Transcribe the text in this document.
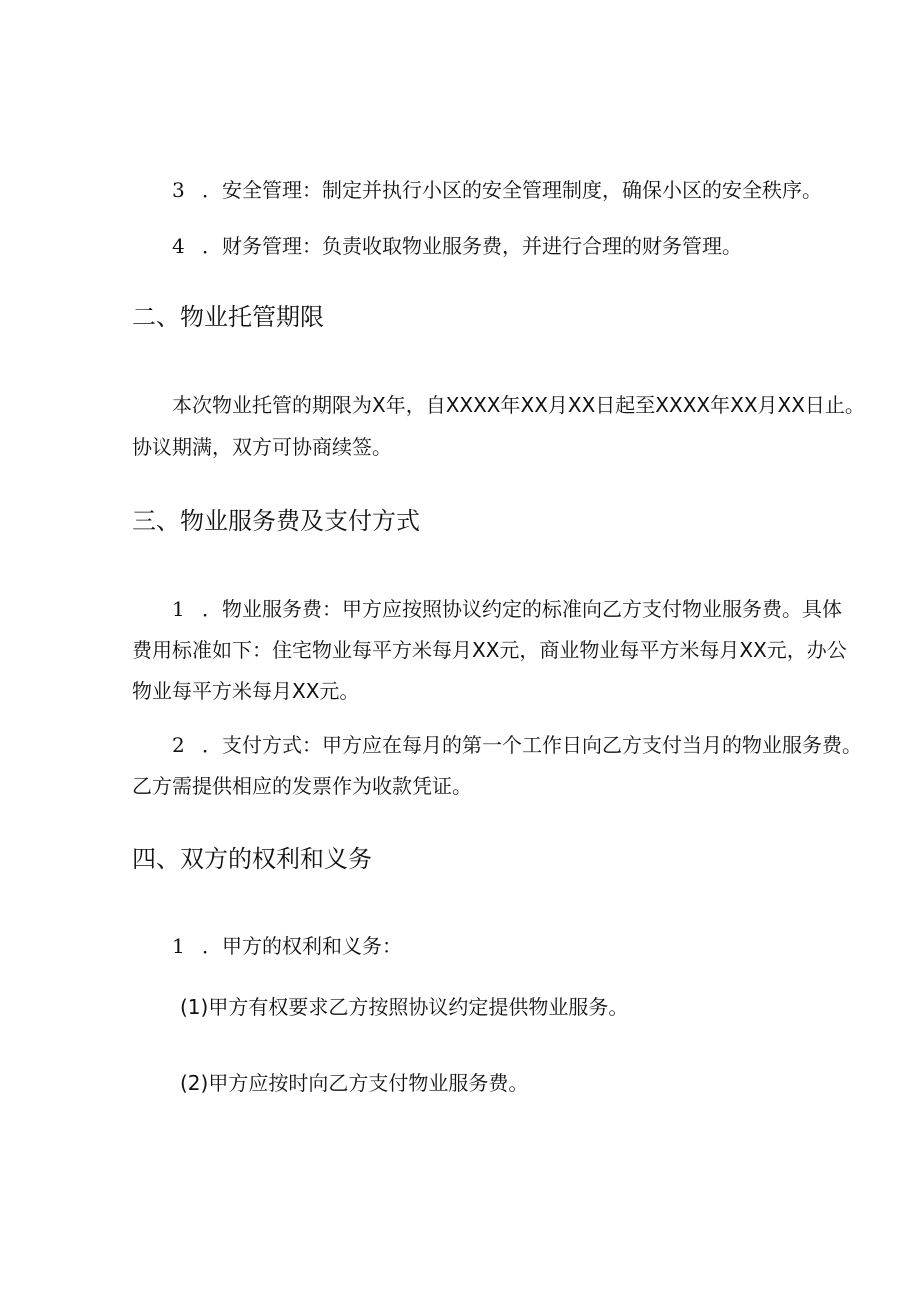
3 ．安全管理：制定并执行小区的安全管理制度，确保小区的安全秩序。
4 ．财务管理：负责收取物业服务费，并进行合理的财务管理。
二、物业托管期限
本次物业托管的期限为X年，自XXXX年XX月XX日起至XXXX年XX月XX日止。
协议期满，双方可协商续签。
三、物业服务费及支付方式
1 ．物业服务费：甲方应按照协议约定的标准向乙方支付物业服务费。具体
费用标准如下：住宅物业每平方米每月XX元，商业物业每平方米每月XX元，办公
物业每平方米每月XX元。
2 ．支付方式：甲方应在每月的第一个工作日向乙方支付当月的物业服务费。
乙方需提供相应的发票作为收款凭证。
四、双方的权利和义务
1 ．甲方的权利和义务：
(1)甲方有权要求乙方按照协议约定提供物业服务。
(2)甲方应按时向乙方支付物业服务费。
